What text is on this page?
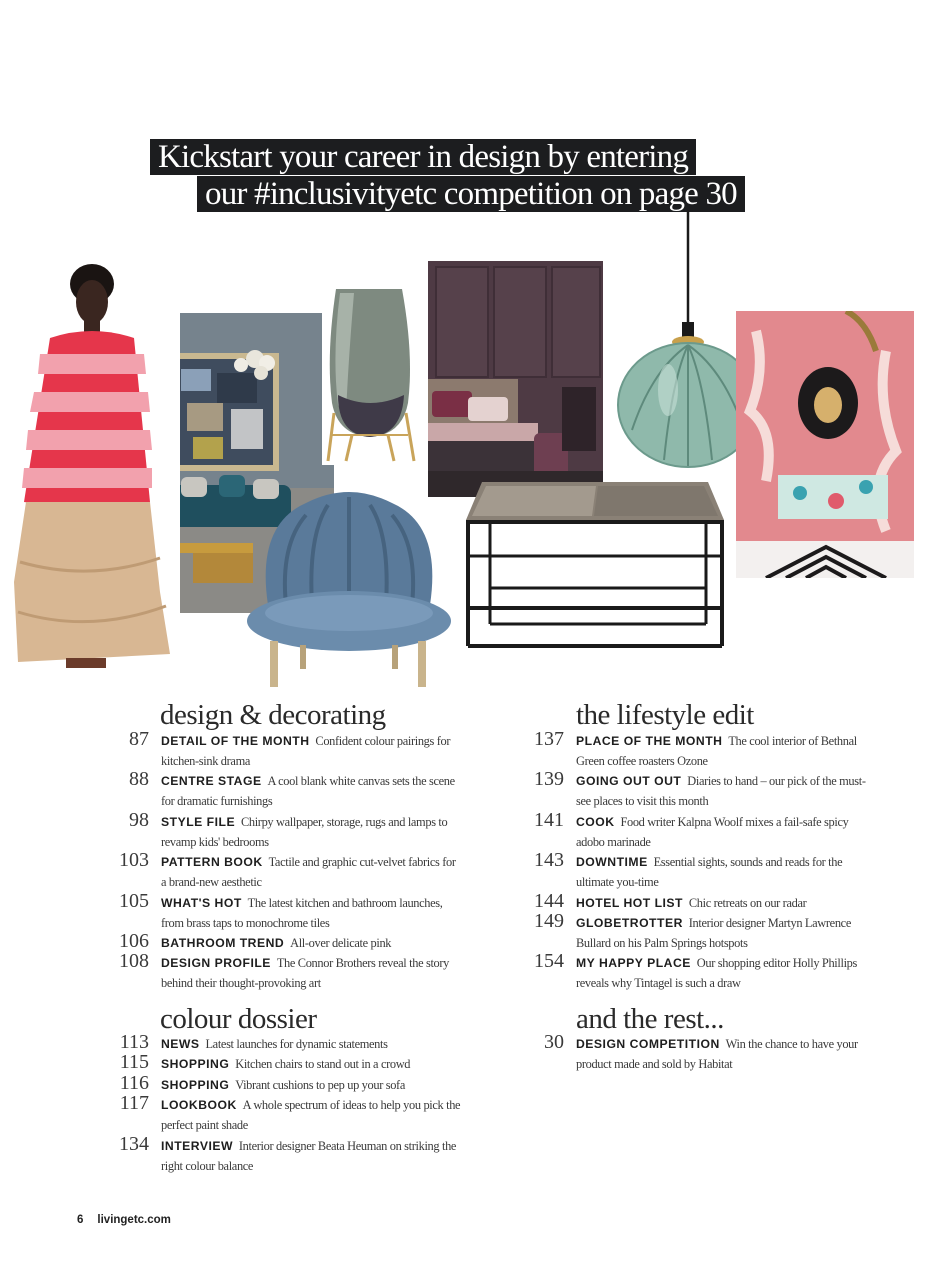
Kickstart your career in design by entering
our #inclusivityetc competition on page 30
design & decorating
colour dossier
the lifestyle edit
and the rest...
87 DETAIL OF THE MONTH Confident colour pairings for kitchen-sink drama
88 CENTRE STAGE A cool blank white canvas sets the scene for dramatic furnishings
98 STYLE FILE Chirpy wallpaper, storage, rugs and lamps to revamp kids' bedrooms
103 PATTERN BOOK Tactile and graphic cut-velvet fabrics for a brand-new aesthetic
105 WHAT'S HOT The latest kitchen and bathroom launches, from brass taps to monochrome tiles
106 BATHROOM TREND All-over delicate pink
108 DESIGN PROFILE The Connor Brothers reveal the story behind their thought-provoking art
113 NEWS Latest launches for dynamic statements
115 SHOPPING Kitchen chairs to stand out in a crowd
116 SHOPPING Vibrant cushions to pep up your sofa
117 LOOKBOOK A whole spectrum of ideas to help you pick the perfect paint shade
134 INTERVIEW Interior designer Beata Heuman on striking the right colour balance
137 PLACE OF THE MONTH The cool interior of Bethnal Green coffee roasters Ozone
139 GOING OUT OUT Diaries to hand – our pick of the must-see places to visit this month
141 COOK Food writer Kalpna Woolf mixes a fail-safe spicy adobo marinade
143 DOWNTIME Essential sights, sounds and reads for the ultimate you-time
144 HOTEL HOT LIST Chic retreats on our radar
149 GLOBETROTTER Interior designer Martyn Lawrence Bullard on his Palm Springs hotspots
154 MY HAPPY PLACE Our shopping editor Holly Phillips reveals why Tintagel is such a draw
30 DESIGN COMPETITION Win the chance to have your product made and sold by Habitat
6 livingetc.com
